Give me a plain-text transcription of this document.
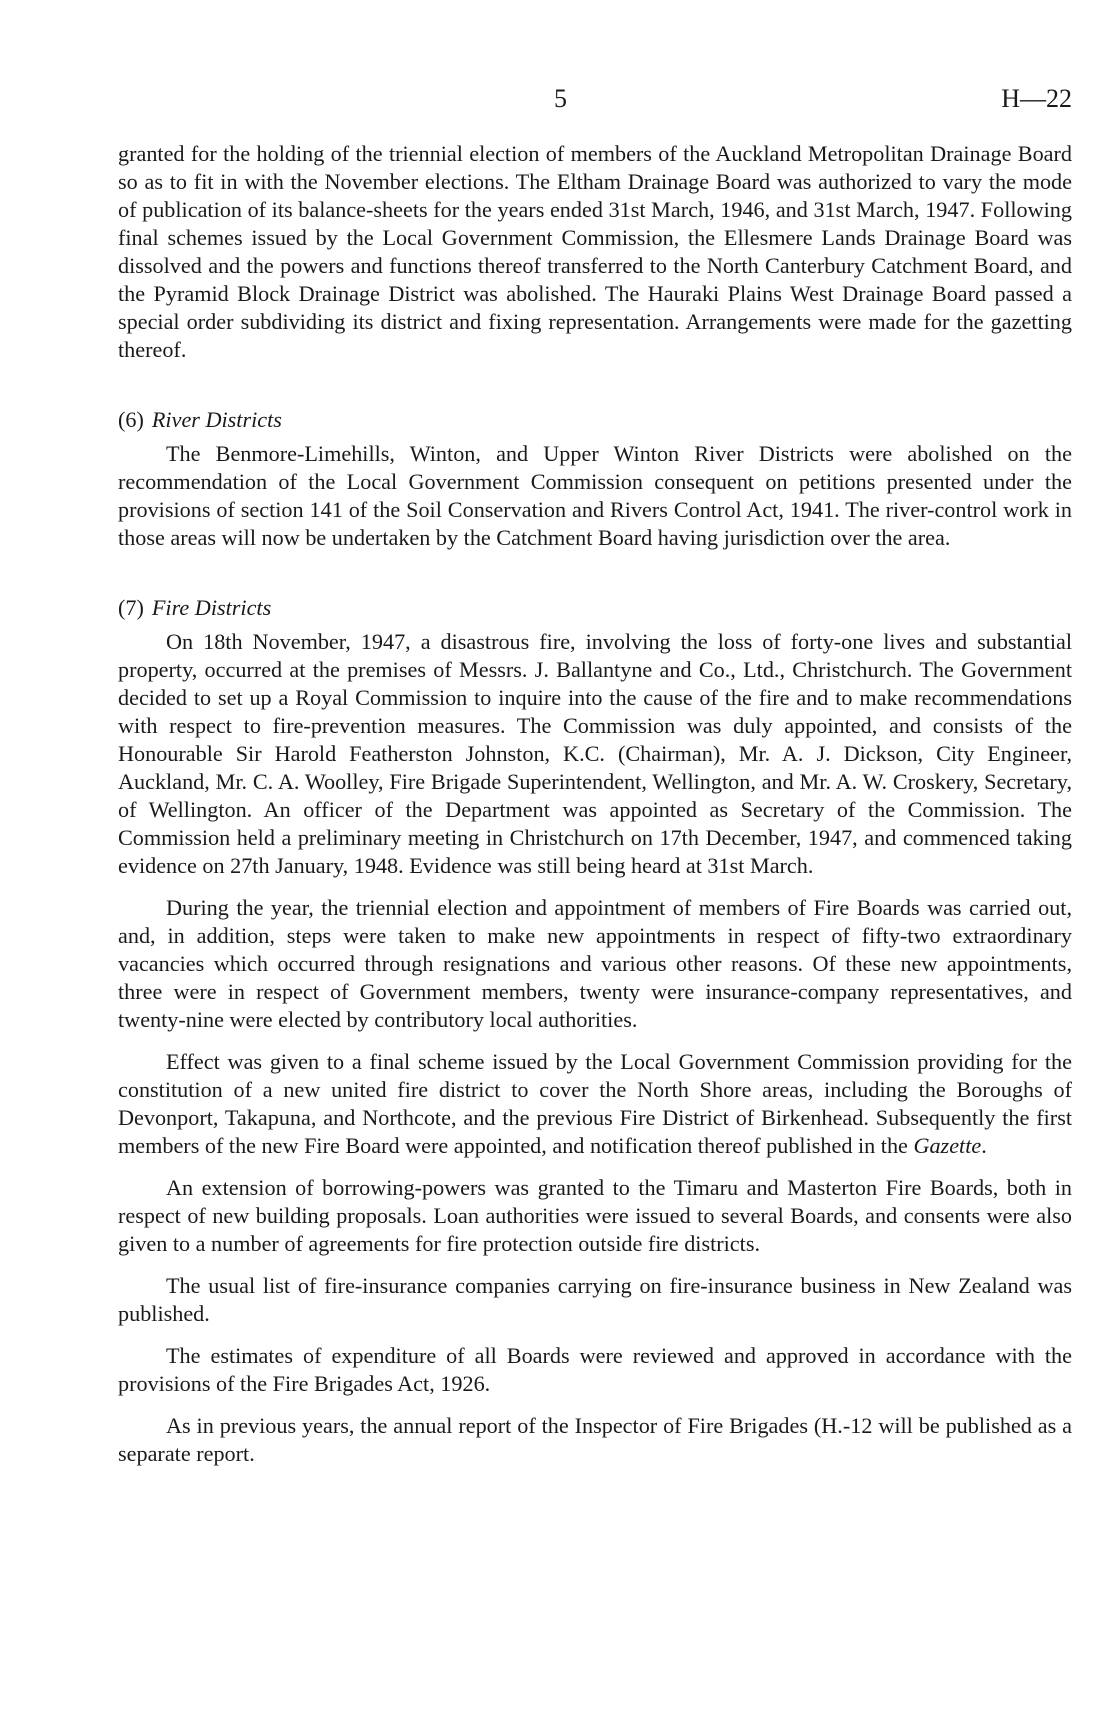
5	H—22

granted for the holding of the triennial election of members of the Auckland Metropolitan Drainage Board so as to fit in with the November elections. The Eltham Drainage Board was authorized to vary the mode of publication of its balance-sheets for the years ended 31st March, 1946, and 31st March, 1947. Following final schemes issued by the Local Government Commission, the Ellesmere Lands Drainage Board was dissolved and the powers and functions thereof transferred to the North Canterbury Catchment Board, and the Pyramid Block Drainage District was abolished. The Hauraki Plains West Drainage Board passed a special order subdividing its district and fixing representation. Arrangements were made for the gazetting thereof.

(6) River Districts

The Benmore-Limehills, Winton, and Upper Winton River Districts were abolished on the recommendation of the Local Government Commission consequent on petitions presented under the provisions of section 141 of the Soil Conservation and Rivers Control Act, 1941. The river-control work in those areas will now be undertaken by the Catchment Board having jurisdiction over the area.

(7) Fire Districts

On 18th November, 1947, a disastrous fire, involving the loss of forty-one lives and substantial property, occurred at the premises of Messrs. J. Ballantyne and Co., Ltd., Christchurch. The Government decided to set up a Royal Commission to inquire into the cause of the fire and to make recommendations with respect to fire-prevention measures. The Commission was duly appointed, and consists of the Honourable Sir Harold Featherston Johnston, K.C. (Chairman), Mr. A. J. Dickson, City Engineer, Auckland, Mr. C. A. Woolley, Fire Brigade Superintendent, Wellington, and Mr. A. W. Croskery, Secretary, of Wellington. An officer of the Department was appointed as Secretary of the Commission. The Commission held a preliminary meeting in Christchurch on 17th December, 1947, and commenced taking evidence on 27th January, 1948. Evidence was still being heard at 31st March.

During the year, the triennial election and appointment of members of Fire Boards was carried out, and, in addition, steps were taken to make new appointments in respect of fifty-two extraordinary vacancies which occurred through resignations and various other reasons. Of these new appointments, three were in respect of Government members, twenty were insurance-company representatives, and twenty-nine were elected by contributory local authorities.

Effect was given to a final scheme issued by the Local Government Commission providing for the constitution of a new united fire district to cover the North Shore areas, including the Boroughs of Devonport, Takapuna, and Northcote, and the previous Fire District of Birkenhead. Subsequently the first members of the new Fire Board were appointed, and notification thereof published in the Gazette.

An extension of borrowing-powers was granted to the Timaru and Masterton Fire Boards, both in respect of new building proposals. Loan authorities were issued to several Boards, and consents were also given to a number of agreements for fire protection outside fire districts.

The usual list of fire-insurance companies carrying on fire-insurance business in New Zealand was published.

The estimates of expenditure of all Boards were reviewed and approved in accordance with the provisions of the Fire Brigades Act, 1926.

As in previous years, the annual report of the Inspector of Fire Brigades (H.-12 will be published as a separate report.
